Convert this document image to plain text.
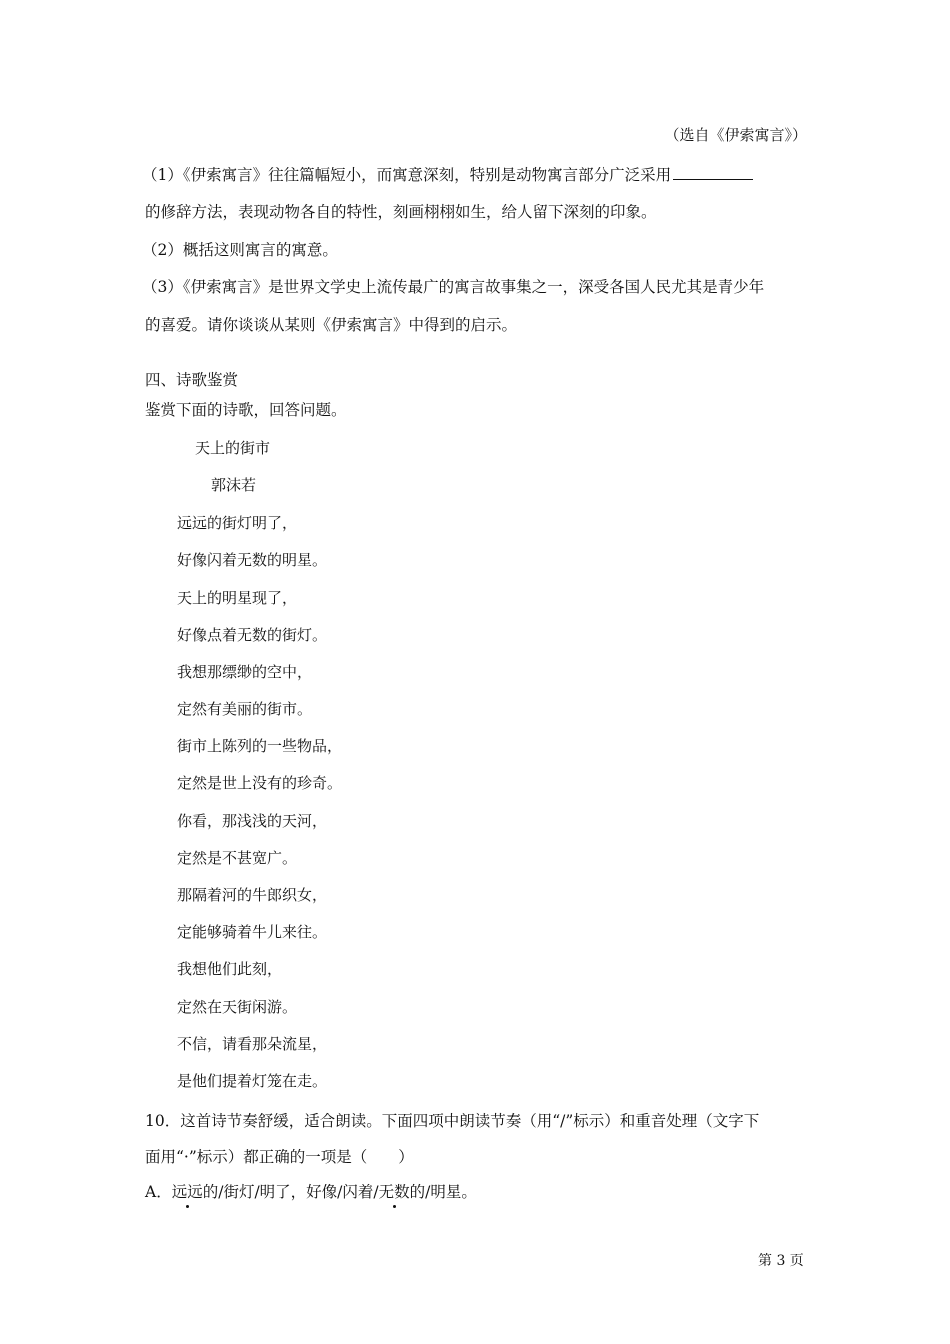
（选自《伊索寓言》）
（1）《伊索寓言》往往篇幅短小，而寓意深刻，特别是动物寓言部分广泛采用
的修辞方法，表现动物各自的特性，刻画栩栩如生，给人留下深刻的印象。
（2）概括这则寓言的寓意。
（3）《伊索寓言》是世界文学史上流传最广的寓言故事集之一，深受各国人民尤其是青少年
的喜爱。请你谈谈从某则《伊索寓言》中得到的启示。
四、诗歌鉴赏
鉴赏下面的诗歌，回答问题。
天上的街市
郭沫若
远远的街灯明了，
好像闪着无数的明星。
天上的明星现了，
好像点着无数的街灯。
我想那缥缈的空中，
定然有美丽的街市。
街市上陈列的一些物品，
定然是世上没有的珍奇。
你看，那浅浅的天河，
定然是不甚宽广。
那隔着河的牛郎织女，
定能够骑着牛儿来往。
我想他们此刻，
定然在天街闲游。
不信，请看那朵流星，
是他们提着灯笼在走。
10．这首诗节奏舒缓，适合朗读。下面四项中朗读节奏（用“/”标示）和重音处理（文字下
面用“·”标示）都正确的一项是（　　）
A．远远的/街灯/明了，好像/闪着/无数的/明星。
第 3 页
